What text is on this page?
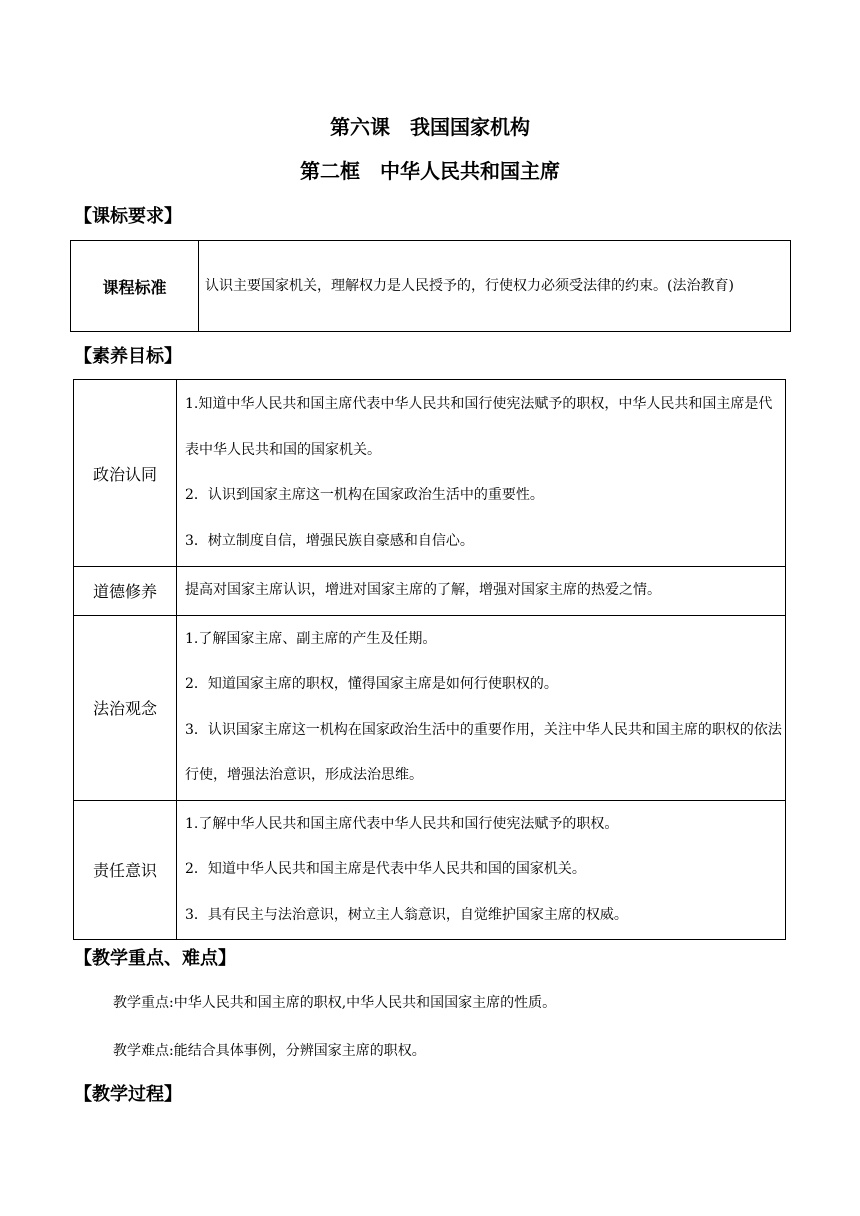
第六课　我国国家机构
第二框　中华人民共和国主席
【课标要求】
课程标准	认识主要国家机关，理解权力是人民授予的，行使权力必须受法律的约束。(法治教育)
【素养目标】
政治认同	1.知道中华人民共和国主席代表中华人民共和国行使宪法赋予的职权，中华人民共和国主席是代表中华人民共和国的国家机关。

2．认识到国家主席这一机构在国家政治生活中的重要性。

3．树立制度自信，增强民族自豪感和自信心。

道德修养	提高对国家主席认识，增进对国家主席的了解，增强对国家主席的热爱之情。

法治观念	1.了解国家主席、副主席的产生及任期。

2．知道国家主席的职权，懂得国家主席是如何行使职权的。

3．认识国家主席这一机构在国家政治生活中的重要作用，关注中华人民共和国主席的职权的依法行使，增强法治意识，形成法治思维。

责任意识	1.了解中华人民共和国主席代表中华人民共和国行使宪法赋予的职权。

2．知道中华人民共和国主席是代表中华人民共和国的国家机关。

3．具有民主与法治意识，树立主人翁意识，自觉维护国家主席的权威。

【教学重点、难点】
教学重点:中华人民共和国主席的职权,中华人民共和国国家主席的性质。
教学难点:能结合具体事例，分辨国家主席的职权。
【教学过程】
